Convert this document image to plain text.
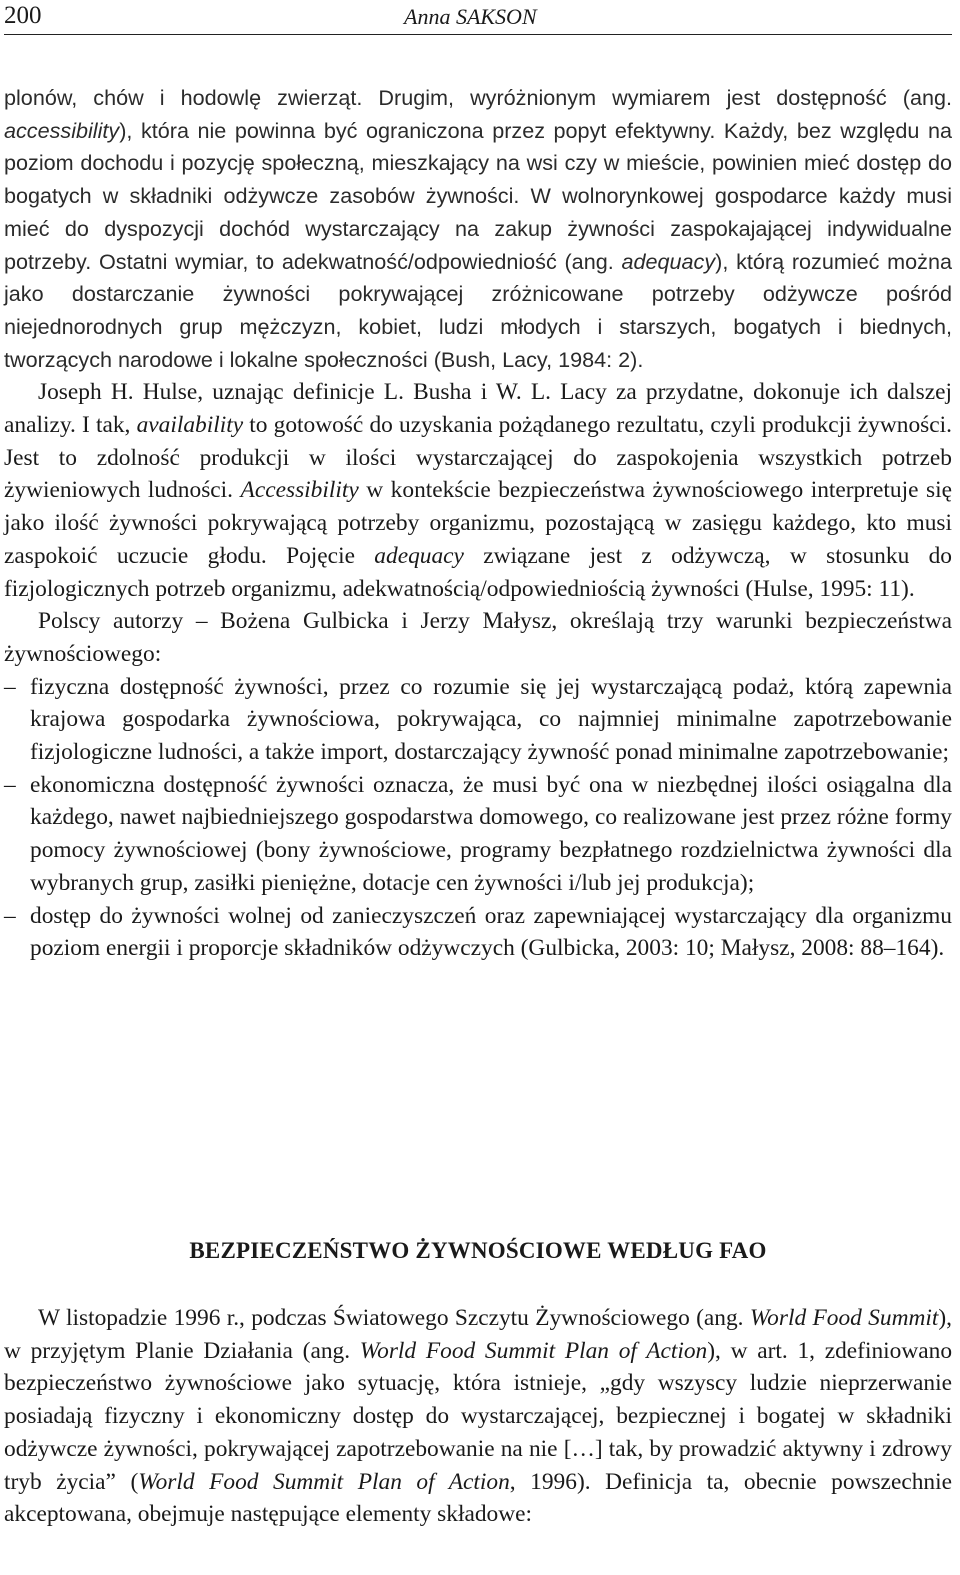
200	Anna SAKSON

plonów, chów i hodowlę zwierząt. Drugim, wyróżnionym wymiarem jest dostępność (ang. accessibility), która nie powinna być ograniczona przez popyt efektywny. Każdy, bez względu na poziom dochodu i pozycję społeczną, mieszkający na wsi czy w mieście, powinien mieć dostęp do bogatych w składniki odżywcze zasobów żywności. W wolnorynkowej gospodarce każdy musi mieć do dyspozycji dochód wystarczający na zakup żywności zaspokajającej indywidualne potrzeby. Ostatni wymiar, to adekwatność/odpowiedniość (ang. adequacy), którą rozumieć można jako dostarczanie żywności pokrywającej zróżnicowane potrzeby odżywcze pośród niejednorodnych grup mężczyzn, kobiet, ludzi młodych i starszych, bogatych i biednych, tworzących narodowe i lokalne społeczności (Bush, Lacy, 1984: 2).

Joseph H. Hulse, uznając definicje L. Busha i W. L. Lacy za przydatne, dokonuje ich dalszej analizy. I tak, availability to gotowość do uzyskania pożądanego rezultatu, czyli produkcji żywności. Jest to zdolność produkcji w ilości wystarczającej do zaspokojenia wszystkich potrzeb żywieniowych ludności. Accessibility w kontekście bezpieczeństwa żywnościowego interpretuje się jako ilość żywności pokrywającą potrzeby organizmu, pozostającą w zasięgu każdego, kto musi zaspokoić uczucie głodu. Pojęcie adequacy związane jest z odżywczą, w stosunku do fizjologicznych potrzeb organizmu, adekwatnością/odpowiedniością żywności (Hulse, 1995: 11).

Polscy autorzy – Bożena Gulbicka i Jerzy Małysz, określają trzy warunki bezpieczeństwa żywnościowego:

– fizyczna dostępność żywności, przez co rozumie się jej wystarczającą podaż, którą zapewnia krajowa gospodarka żywnościowa, pokrywająca, co najmniej minimalne zapotrzebowanie fizjologiczne ludności, a także import, dostarczający żywność ponad minimalne zapotrzebowanie;
– ekonomiczna dostępność żywności oznacza, że musi być ona w niezbędnej ilości osiągalna dla każdego, nawet najbiedniejszego gospodarstwa domowego, co realizowane jest przez różne formy pomocy żywnościowej (bony żywnościowe, programy bezpłatnego rozdzielnictwa żywności dla wybranych grup, zasiłki pieniężne, dotacje cen żywności i/lub jej produkcja);
– dostęp do żywności wolnej od zanieczyszczeń oraz zapewniającej wystarczający dla organizmu poziom energii i proporcje składników odżywczych (Gulbicka, 2003: 10; Małysz, 2008: 88–164).
BEZPIECZEŃSTWO ŻYWNOŚCIOWE WEDŁUG FAO

W listopadzie 1996 r., podczas Światowego Szczytu Żywnościowego (ang. World Food Summit), w przyjętym Planie Działania (ang. World Food Summit Plan of Action), w art. 1, zdefiniowano bezpieczeństwo żywnościowe jako sytuację, która istnieje, „gdy wszyscy ludzie nieprzerwanie posiadają fizyczny i ekonomiczny dostęp do wystarczającej, bezpiecznej i bogatej w składniki odżywcze żywności, pokrywającej zapotrzebowanie na nie […] tak, by prowadzić aktywny i zdrowy tryb życia” (World Food Summit Plan of Action, 1996). Definicja ta, obecnie powszechnie akceptowana, obejmuje następujące elementy składowe:
